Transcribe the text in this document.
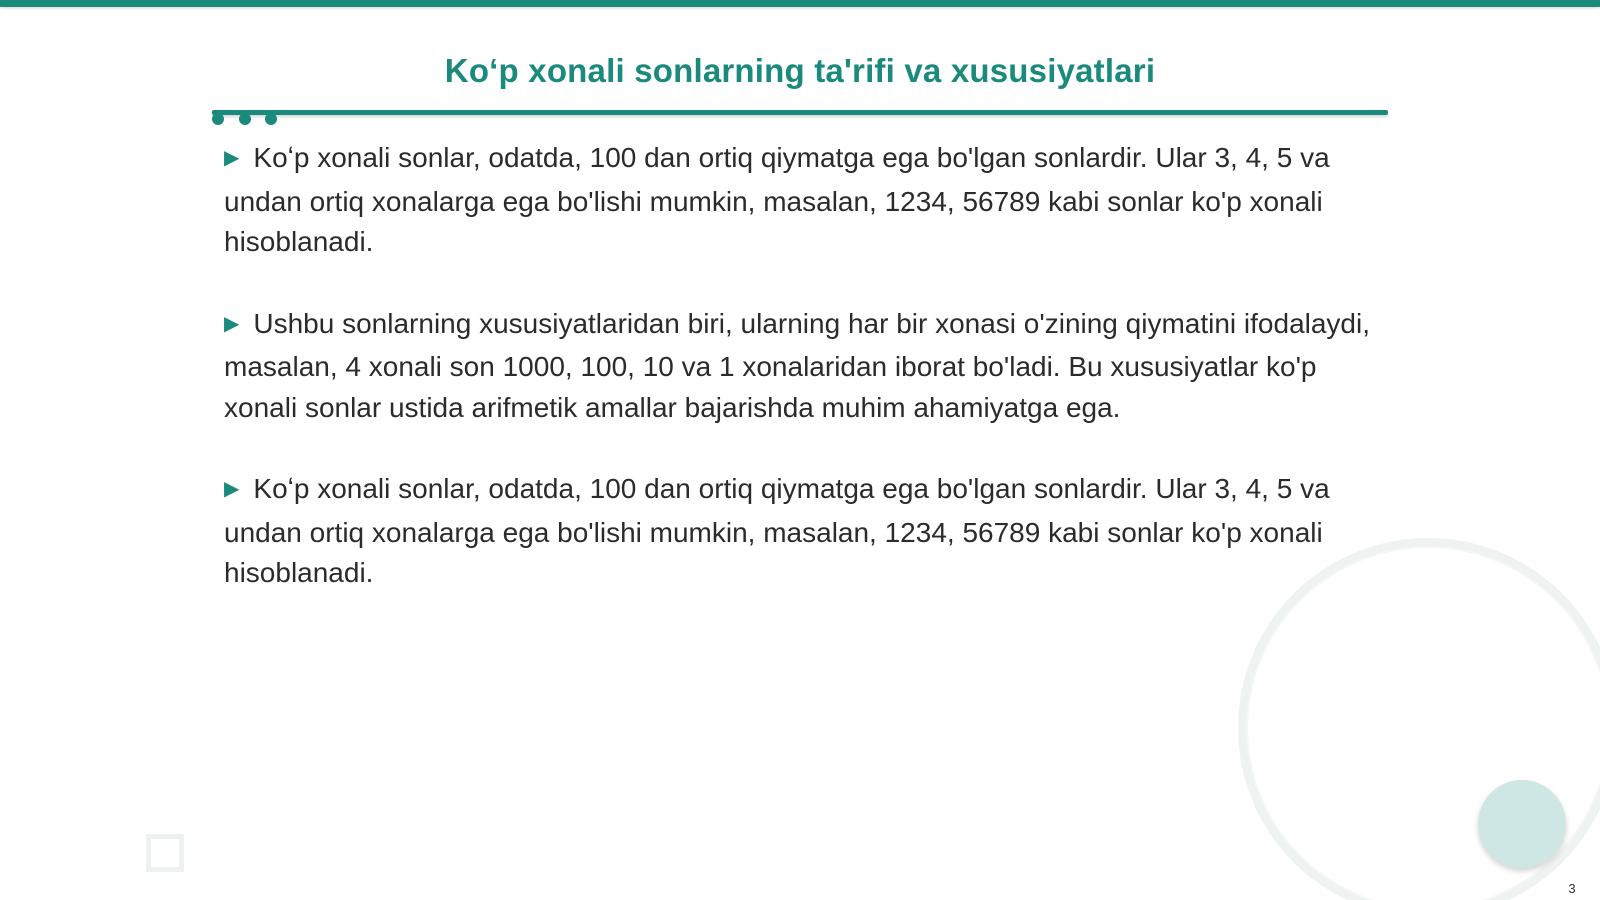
Koʻp xonali sonlarning ta'rifi va xususiyatlari

▶ Koʻp xonali sonlar, odatda, 100 dan ortiq qiymatga ega bo'lgan sonlardir. Ular 3, 4, 5 va undan ortiq xonalarga ega bo'lishi mumkin, masalan, 1234, 56789 kabi sonlar ko'p xonali hisoblanadi.

▶ Ushbu sonlarning xususiyatlaridan biri, ularning har bir xonasi o'zining qiymatini ifodalaydi, masalan, 4 xonali son 1000, 100, 10 va 1 xonalaridan iborat bo'ladi. Bu xususiyatlar ko'p xonali sonlar ustida arifmetik amallar bajarishda muhim ahamiyatga ega.

▶ Koʻp xonali sonlar, odatda, 100 dan ortiq qiymatga ega bo'lgan sonlardir. Ular 3, 4, 5 va undan ortiq xonalarga ega bo'lishi mumkin, masalan, 1234, 56789 kabi sonlar ko'p xonali hisoblanadi.

3
